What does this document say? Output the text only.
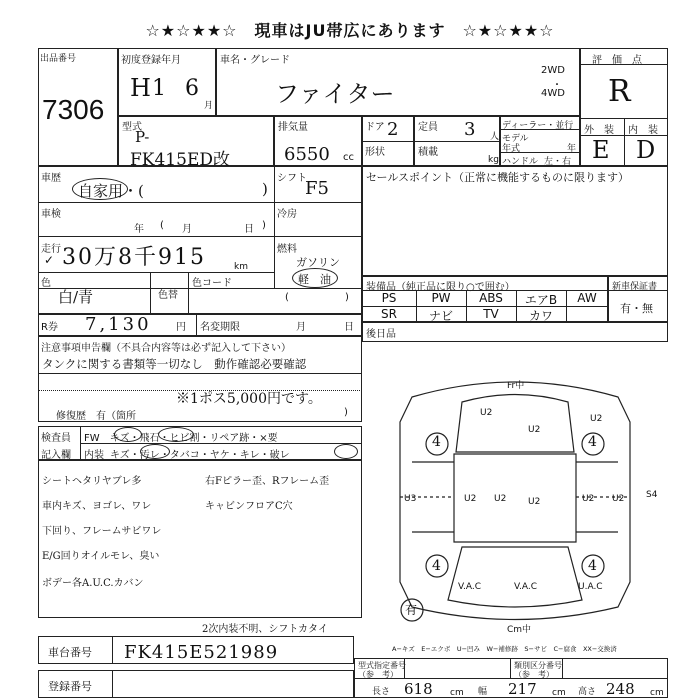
☆★☆★★☆　現車はJU帯広にあります　☆★☆★★☆
出品番号
7306
初度登録年月
H 1 6
月
車名・グレード
ファイター
2WD
・
4WD
評　価　点
R
外　装 内　装
E D
型式
P-
FK415ED改
排気量
6550 cc
ドア 2
形状
定員 3 人
積載
kg
ディーラー・並行
モデル
年式	年
ハンドル 左・右
車歴
自家用・(	)
シフト
F5
車検
年	月	日
(	)
冷房
走行
✓ 30万8千915	km
燃料
ガソリン
軽　油
(	)
色
白/青	色替
色コード
セールスポイント（正常に機能するものに限ります）
装備品（純正品に限り○で囲む）
PS	PW	ABS	エアB	AW
SR	ナビ	TV	カワ
新車保証書
有・無
後日品
R券 7,130 円 名変期限	月	日
注意事項申告欄（不具合内容等は必ず記入して下さい）
タンクに関する書類等一切なし　動作確認必要確認
※1ポス5,000円です。
修復歴　有（箇所	)
検査員
記入欄
FW　キズ・飛石・ヒビ割・リペア跡・×要
内装 キズ・汚レ・タバコ・ヤケ・キレ・破レ
シートヘタリヤブレ多
車内キズ、ヨゴレ、ワレ
下回り、フレームサビワレ
E/G回りオイルモレ、臭い
ボデー各A.U.C.カバン
右Fピラー歪、Rフレーム歪
キャビンフロアC穴
Fr中
Cm中
4	4
4	4
U2
U2
U2
U2 U2 U2	U2 U2
U3	S4
V.A.C	V.A.C	U.A.C
有
2次内装不明、シフトカタイ
A−キズ　E−エクボ　U−凹み　W−補修跡　S−サビ　C−腐食　XX−交換済
車台番号 FK415E521989
登録番号
型式指定番号
（参　考）
類別区分番号
（参　考）
長さ 618 cm 幅 217 cm 高さ 248 cm
